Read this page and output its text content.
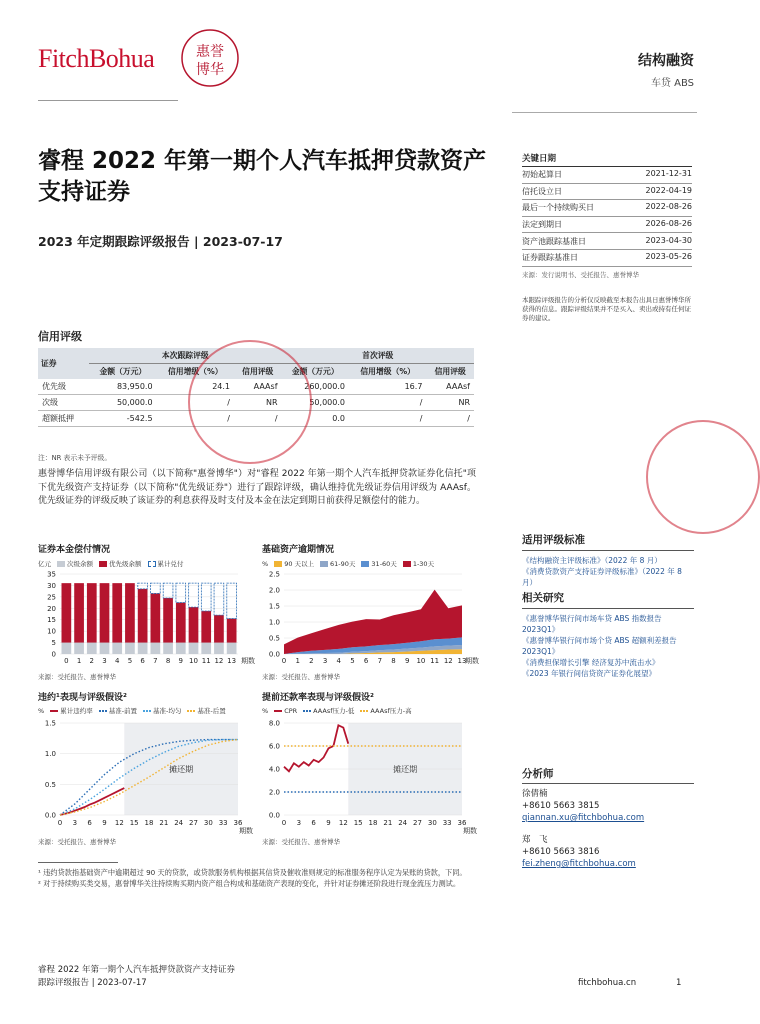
FitchBohua	惠誉
博华
结构融资
车贷 ABS
睿程 2022 年第一期个人汽车抵押贷款资产支持证券
2023 年定期跟踪评级报告 | 2023-07-17
关键日期
初始起算日	2021-12-31
信托设立日	2022-04-19
最后一个持续购买日	2022-08-26
法定到期日	2026-08-26
资产池跟踪基准日	2023-04-30
证券跟踪基准日	2023-05-26
来源：发行说明书、受托报告、惠誉博华
本跟踪评级报告的分析仅反映截至本报告出具日惠誉博华所获得的信息。跟踪评级结果并不是买入、卖出或持有任何证券的建议。
信用评级
证券	本次跟踪评级			首次评级		
	金额（万元）	信用增级（%）	信用评级	金额（万元）	信用增级（%）	信用评级
优先级	83,950.0	24.1	AAAsf	260,000.0	16.7	AAAsf
次级	50,000.0	/	NR	50,000.0	/	NR
超额抵押	-542.5	/	/	0.0	/	/
注：NR 表示未予评级。
惠誉博华信用评级有限公司（以下简称"惠誉博华"）对"睿程 2022 年第一期个人汽车抵押贷款证券化信托"项下优先级资产支持证券（以下简称"优先级证券"）进行了跟踪评级，确认维持优先级证券信用评级为 AAAsf。优先级证券的评级反映了该证券的利息获得及时支付及本金在法定到期日前获得足额偿付的能力。
证券本金偿付情况
亿元	次级余额	优先级余额	累计兑付
0
5
10
15
20
25
30
35
0 1 2 3 4 5 6 7 8 9 10 11 12 13 期数
来源：受托报告、惠誉博华
基础资产逾期情况
%	90 天以上	61-90天	31-60天	1-30天
0.0
0.5
1.0
1.5
2.0
2.5
0 1 2 3 4 5 6 7 8 9 10 11 12 13
期数
来源：受托报告、惠誉博华
违约¹表现与评级假设²
%	累计违约率	基准-前置	基准-均匀	基准-后置
摊还期
0.0
0.5
1.0
1.5
0 3 6 9 12 15 18 21 24 27 30 33 36
期数
来源：受托报告、惠誉博华
提前还款率表现与评级假设²
%	CPR	AAAsf压力-低	AAAsf压力-高
摊还期
0.0
2.0
4.0
6.0
8.0
0 3 6 9 12 15 18 21 24 27 30 33 36
期数
来源：受托报告、惠誉博华
适用评级标准
《结构融资主评级标准》（2022 年 8 月）
《消费贷款资产支持证券评级标准》（2022 年 8 月）
相关研究
《惠誉博华银行间市场车贷 ABS 指数报告 2023Q1》
《惠誉博华银行间市场个贷 ABS 超额利差报告 2023Q1》
《消费担保增长引擎 经济复苏中流击水》
《2023 年银行间信贷资产证券化展望》
分析师
徐倩楠
+8610 5663 3815
qiannan.xu@fitchbohua.com
郑　飞
+8610 5663 3816
fei.zheng@fitchbohua.com
¹ 违约贷款指基础资产中逾期超过 90 天的贷款，或贷款服务机构根据其信贷及催收准则规定的标准服务程序认定为呆账的贷款，下同。
² 对于持续购买类交易，惠誉博华关注持续购买期内资产组合构成和基础资产表现的变化，并针对证券摊还阶段进行现金流压力测试。
睿程 2022 年第一期个人汽车抵押贷款资产支持证券
跟踪评级报告 | 2023-07-17	fitchbohua.cn	1
